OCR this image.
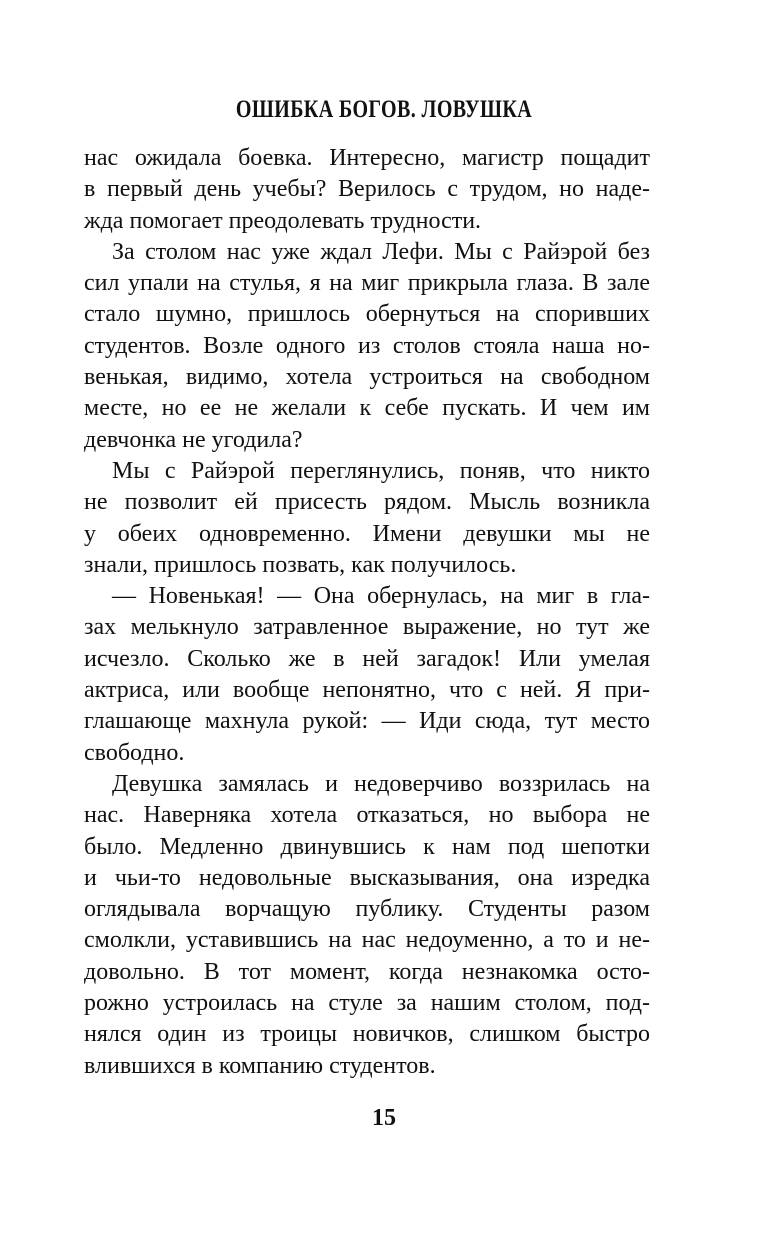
ОШИБКА БОГОВ. ЛОВУШКА

нас ожидала боевка. Интересно, магистр пощадит
в первый день учебы? Верилось с трудом, но наде-
жда помогает преодолевать трудности.

За столом нас уже ждал Лефи. Мы с Райэрой без
сил упали на стулья, я на миг прикрыла глаза. В зале
стало шумно, пришлось обернуться на споривших
студентов. Возле одного из столов стояла наша но-
венькая, видимо, хотела устроиться на свободном
месте, но ее не желали к себе пускать. И чем им
девчонка не угодила?

Мы с Райэрой переглянулись, поняв, что никто
не позволит ей присесть рядом. Мысль возникла
у обеих одновременно. Имени девушки мы не
знали, пришлось позвать, как получилось.

— Новенькая! — Она обернулась, на миг в гла-
зах мелькнуло затравленное выражение, но тут же
исчезло. Сколько же в ней загадок! Или умелая
актриса, или вообще непонятно, что с ней. Я при-
глашающе махнула рукой: — Иди сюда, тут место
свободно.

Девушка замялась и недоверчиво воззрилась на
нас. Наверняка хотела отказаться, но выбора не
было. Медленно двинувшись к нам под шепотки
и чьи-то недовольные высказывания, она изредка
оглядывала ворчащую публику. Студенты разом
смолкли, уставившись на нас недоуменно, а то и не-
довольно. В тот момент, когда незнакомка осто-
рожно устроилась на стуле за нашим столом, под-
нялся один из троицы новичков, слишком быстро
влившихся в компанию студентов.

15
